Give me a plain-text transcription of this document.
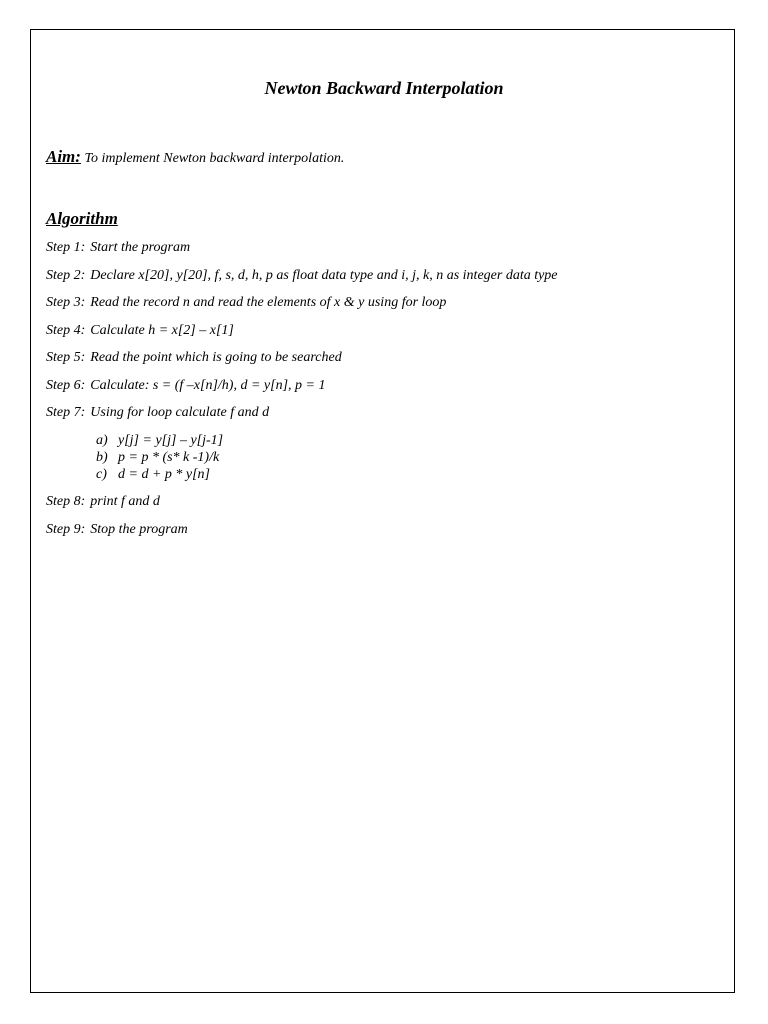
Newton Backward Interpolation
Aim: To implement Newton backward interpolation.
Algorithm
Step 1: Start the program
Step 2: Declare x[20], y[20], f, s, d, h, p as float data type and i, j, k, n as integer data type
Step 3: Read the record n and read the elements of x & y using for loop
Step 4: Calculate h = x[2] – x[1]
Step 5: Read the point which is going to be searched
Step 6: Calculate: s = (f –x[n]/h), d = y[n], p = 1
Step 7: Using for loop calculate f and d
a) y[j] = y[j] – y[j-1]
b) p = p * (s* k -1)/k
c) d = d + p * y[n]
Step 8: print f and d
Step 9: Stop the program
